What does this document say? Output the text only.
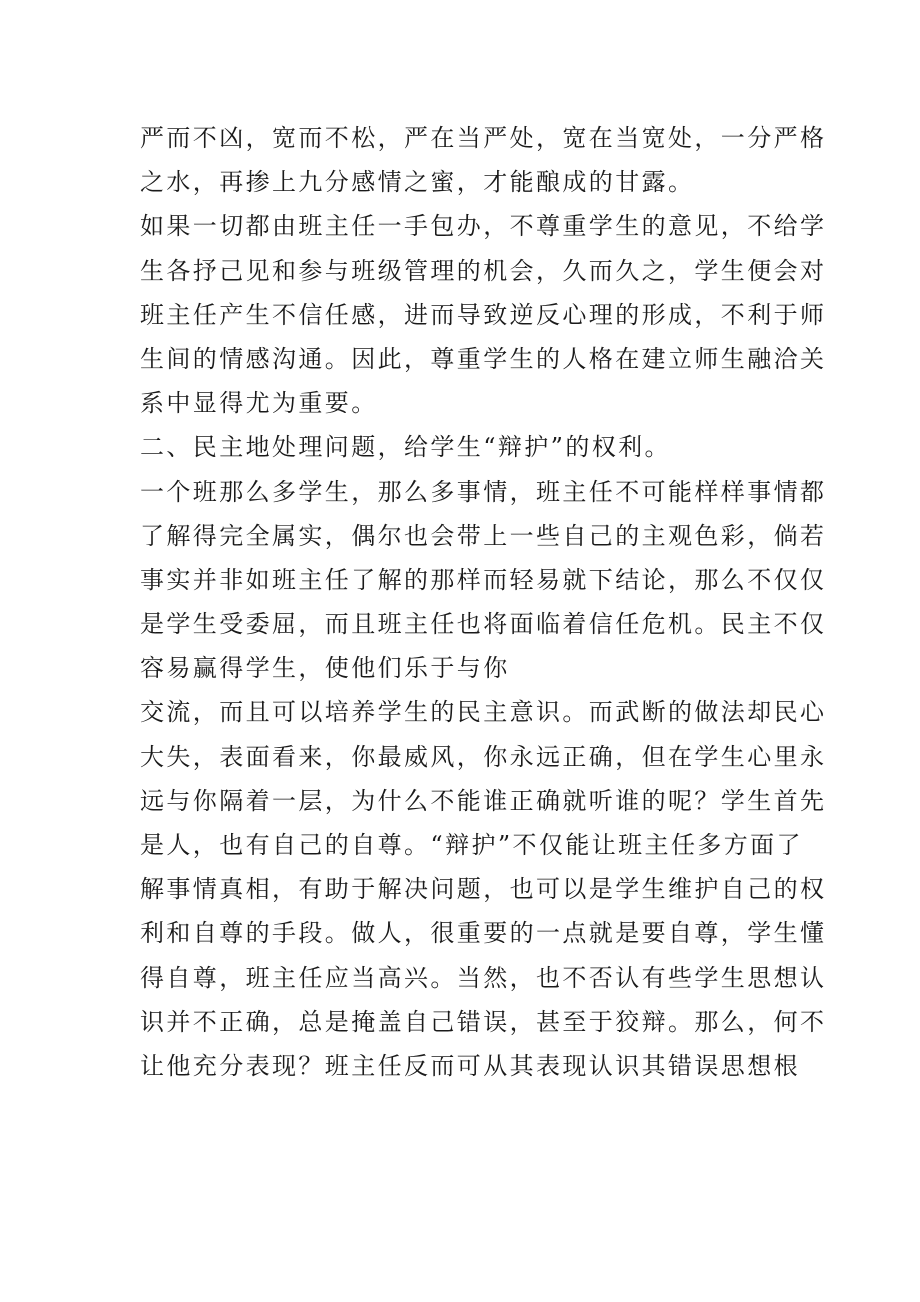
严而不凶，宽而不松，严在当严处，宽在当宽处，一分严格
之水，再掺上九分感情之蜜，才能酿成的甘露。
如果一切都由班主任一手包办，不尊重学生的意见，不给学
生各抒己见和参与班级管理的机会，久而久之，学生便会对
班主任产生不信任感，进而导致逆反心理的形成，不利于师
生间的情感沟通。因此，尊重学生的人格在建立师生融洽关
系中显得尤为重要。
二、民主地处理问题，给学生“辩护”的权利。
一个班那么多学生，那么多事情，班主任不可能样样事情都
了解得完全属实，偶尔也会带上一些自己的主观色彩，倘若
事实并非如班主任了解的那样而轻易就下结论，那么不仅仅
是学生受委屈，而且班主任也将面临着信任危机。民主不仅
容易赢得学生，使他们乐于与你
交流，而且可以培养学生的民主意识。而武断的做法却民心
大失，表面看来，你最威风，你永远正确，但在学生心里永
远与你隔着一层，为什么不能谁正确就听谁的呢？学生首先
是人，也有自己的自尊。“辩护”不仅能让班主任多方面了
解事情真相，有助于解决问题，也可以是学生维护自己的权
利和自尊的手段。做人，很重要的一点就是要自尊，学生懂
得自尊，班主任应当高兴。当然，也不否认有些学生思想认
识并不正确，总是掩盖自己错误，甚至于狡辩。那么，何不
让他充分表现？班主任反而可从其表现认识其错误思想根
